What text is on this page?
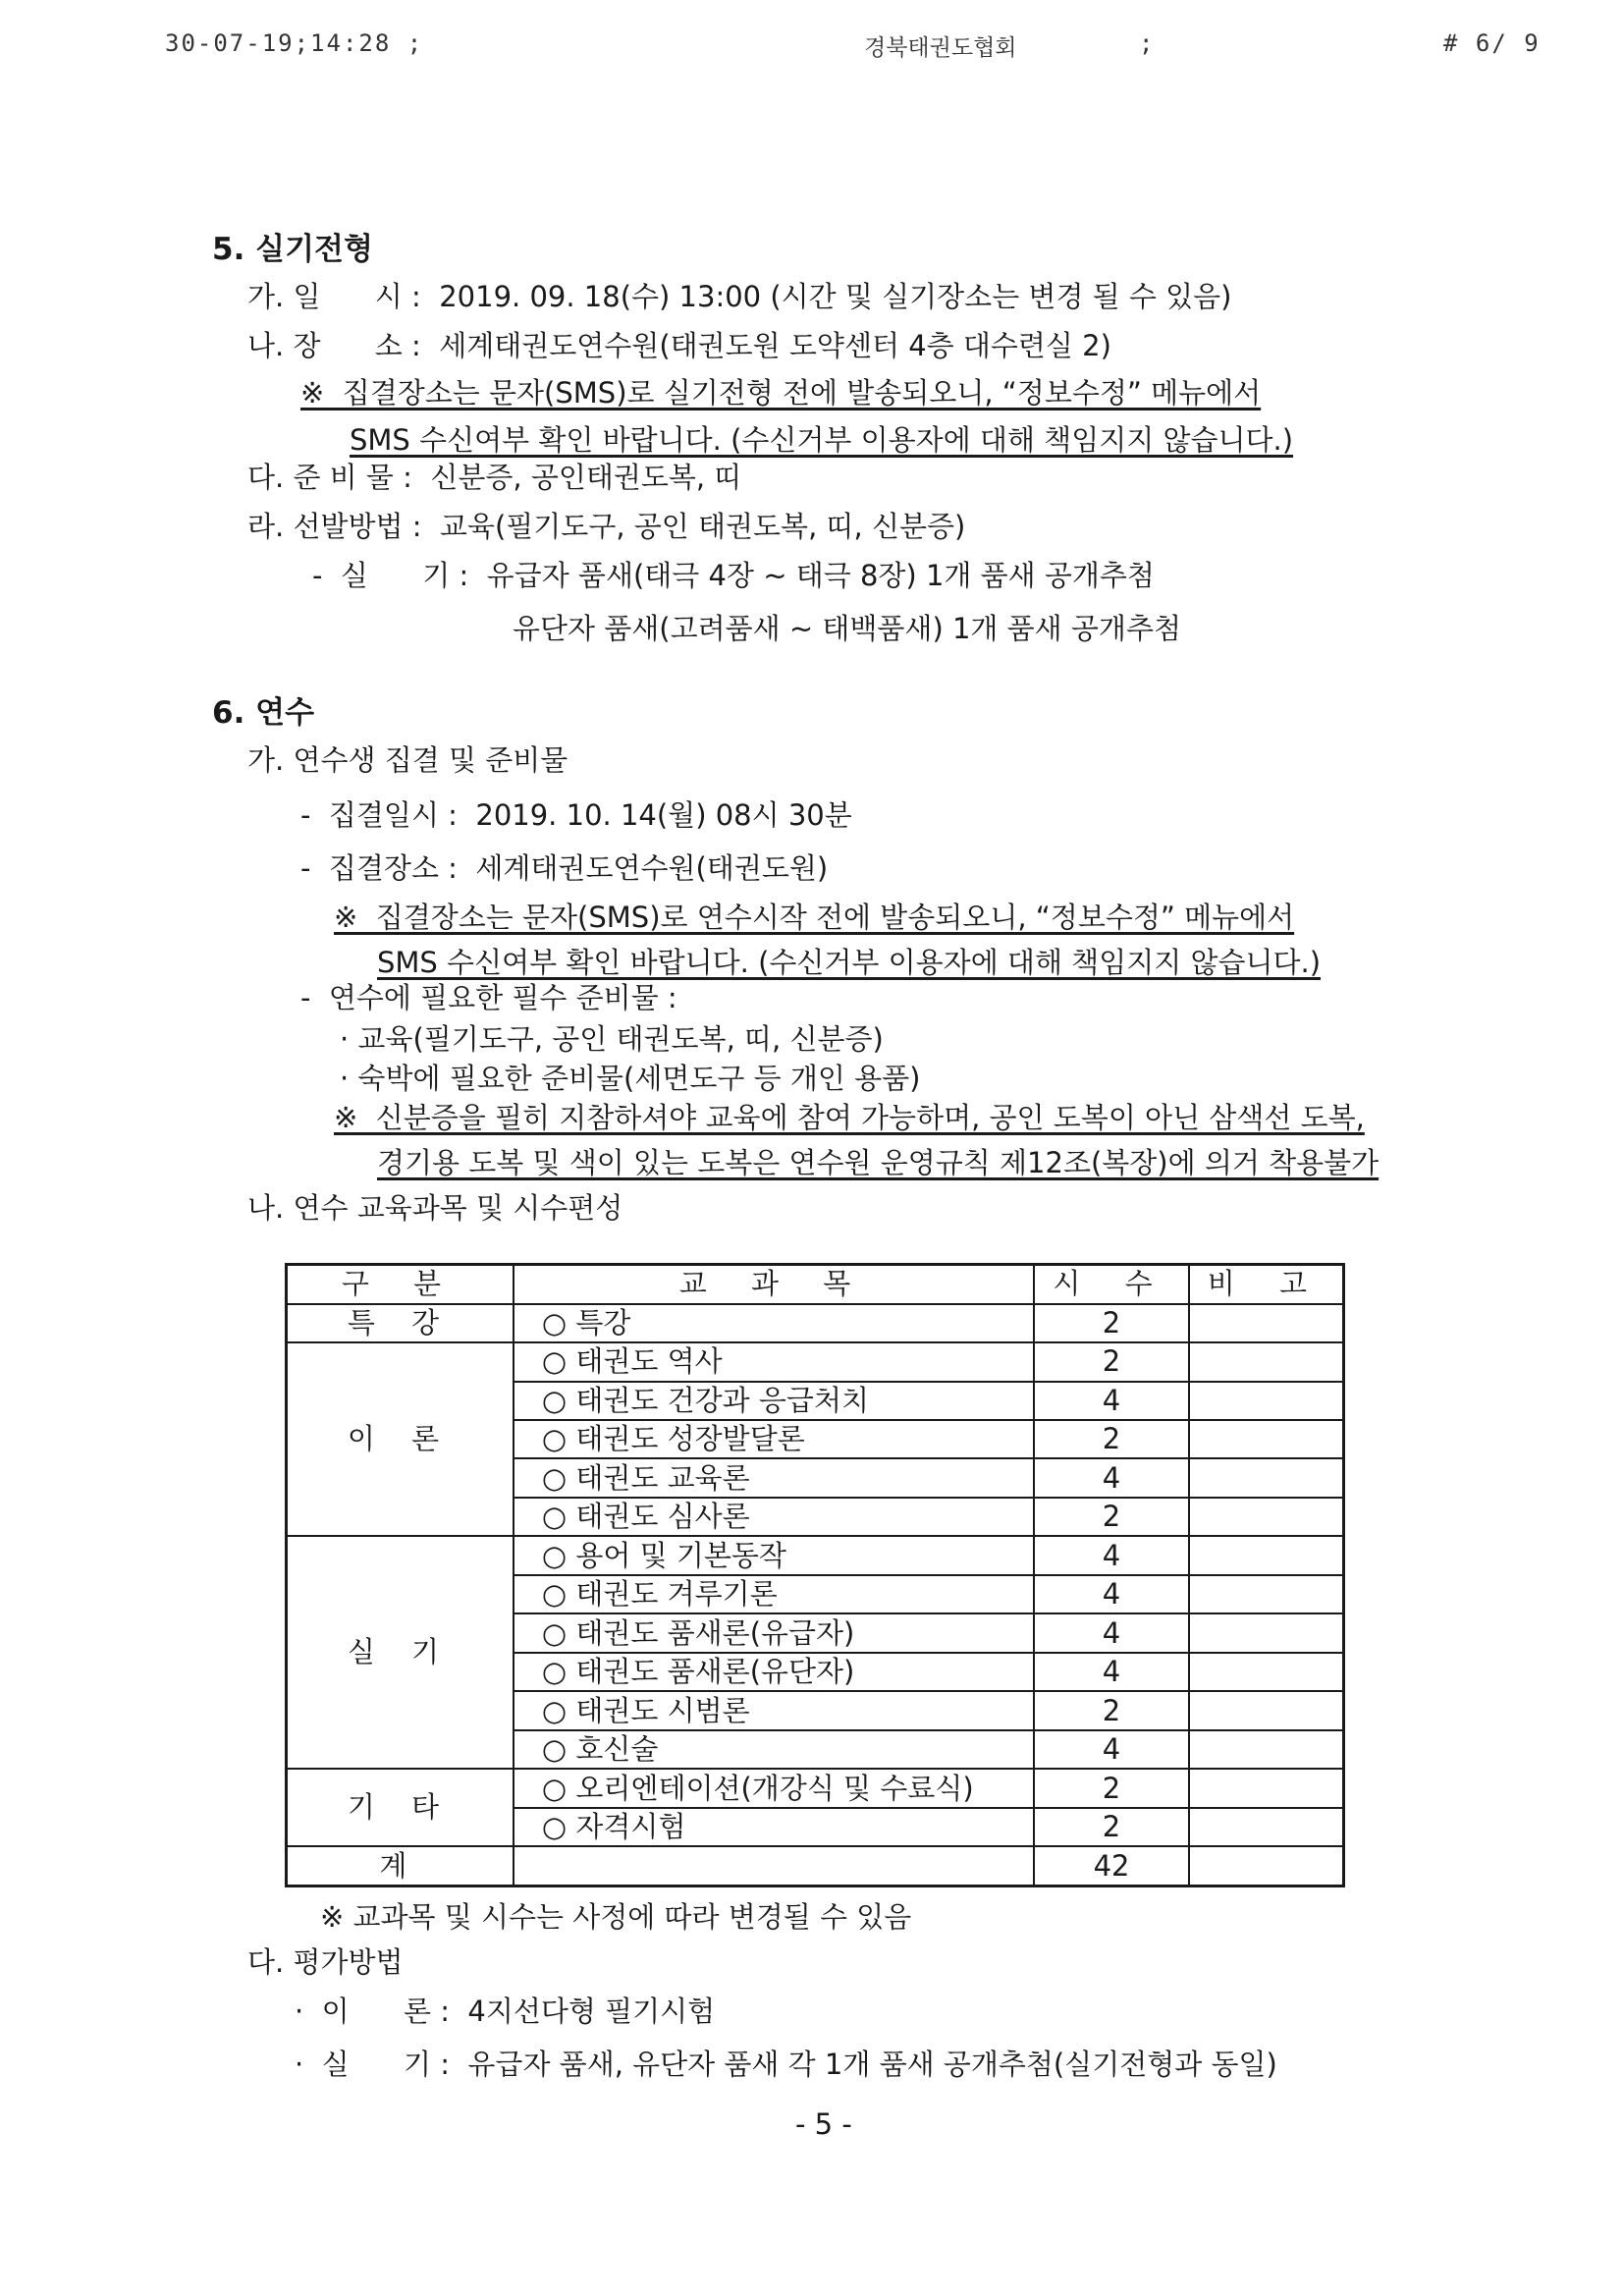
30-07-19;14:28 ;	경북태권도협회	;	# 6/ 9
5. 실기전형
가. 일      시 :  2019. 09. 18(수) 13:00 (시간 및 실기장소는 변경 될 수 있음)
나. 장      소 :  세계태권도연수원(태권도원 도약센터 4층 대수련실 2)
※  집결장소는 문자(SMS)로 실기전형 전에 발송되오니, “정보수정” 메뉴에서
SMS 수신여부 확인 바랍니다. (수신거부 이용자에 대해 책임지지 않습니다.)
다. 준 비 물 :  신분증, 공인태권도복, 띠
라. 선발방법 :  교육(필기도구, 공인 태권도복, 띠, 신분증)
-  실      기 :  유급자 품새(태극 4장 ~ 태극 8장) 1개 품새 공개추첨
유단자 품새(고려품새 ~ 태백품새) 1개 품새 공개추첨
6. 연수
가. 연수생 집결 및 준비물
-  집결일시 :  2019. 10. 14(월) 08시 30분
-  집결장소 :  세계태권도연수원(태권도원)
※  집결장소는 문자(SMS)로 연수시작 전에 발송되오니, “정보수정” 메뉴에서
SMS 수신여부 확인 바랍니다. (수신거부 이용자에 대해 책임지지 않습니다.)
-  연수에 필요한 필수 준비물 :
· 교육(필기도구, 공인 태권도복, 띠, 신분증)
· 숙박에 필요한 준비물(세면도구 등 개인 용품)
※  신분증을 필히 지참하셔야 교육에 참여 가능하며, 공인 도복이 아닌 삼색선 도복,
경기용 도복 및 색이 있는 도복은 연수원 운영규칙 제12조(복장)에 의거 착용불가
나. 연수 교육과목 및 시수편성
구 분	교 과 목	시 수	비 고
특 강	○ 특강	2	
이 론	○ 태권도 역사	2	
	○ 태권도 건강과 응급처치	4	
	○ 태권도 성장발달론	2	
	○ 태권도 교육론	4	
	○ 태권도 심사론	2	
실 기	○ 용어 및 기본동작	4	
	○ 태권도 겨루기론	4	
	○ 태권도 품새론(유급자)	4	
	○ 태권도 품새론(유단자)	4	
	○ 태권도 시범론	2	
	○ 호신술	4	
기 타	○ 오리엔테이션(개강식 및 수료식)	2	
	○ 자격시험	2	
계		42	
※ 교과목 및 시수는 사정에 따라 변경될 수 있음
다. 평가방법
·  이      론 :  4지선다형 필기시험
·  실      기 :  유급자 품새, 유단자 품새 각 1개 품새 공개추첨(실기전형과 동일)
- 5 -
